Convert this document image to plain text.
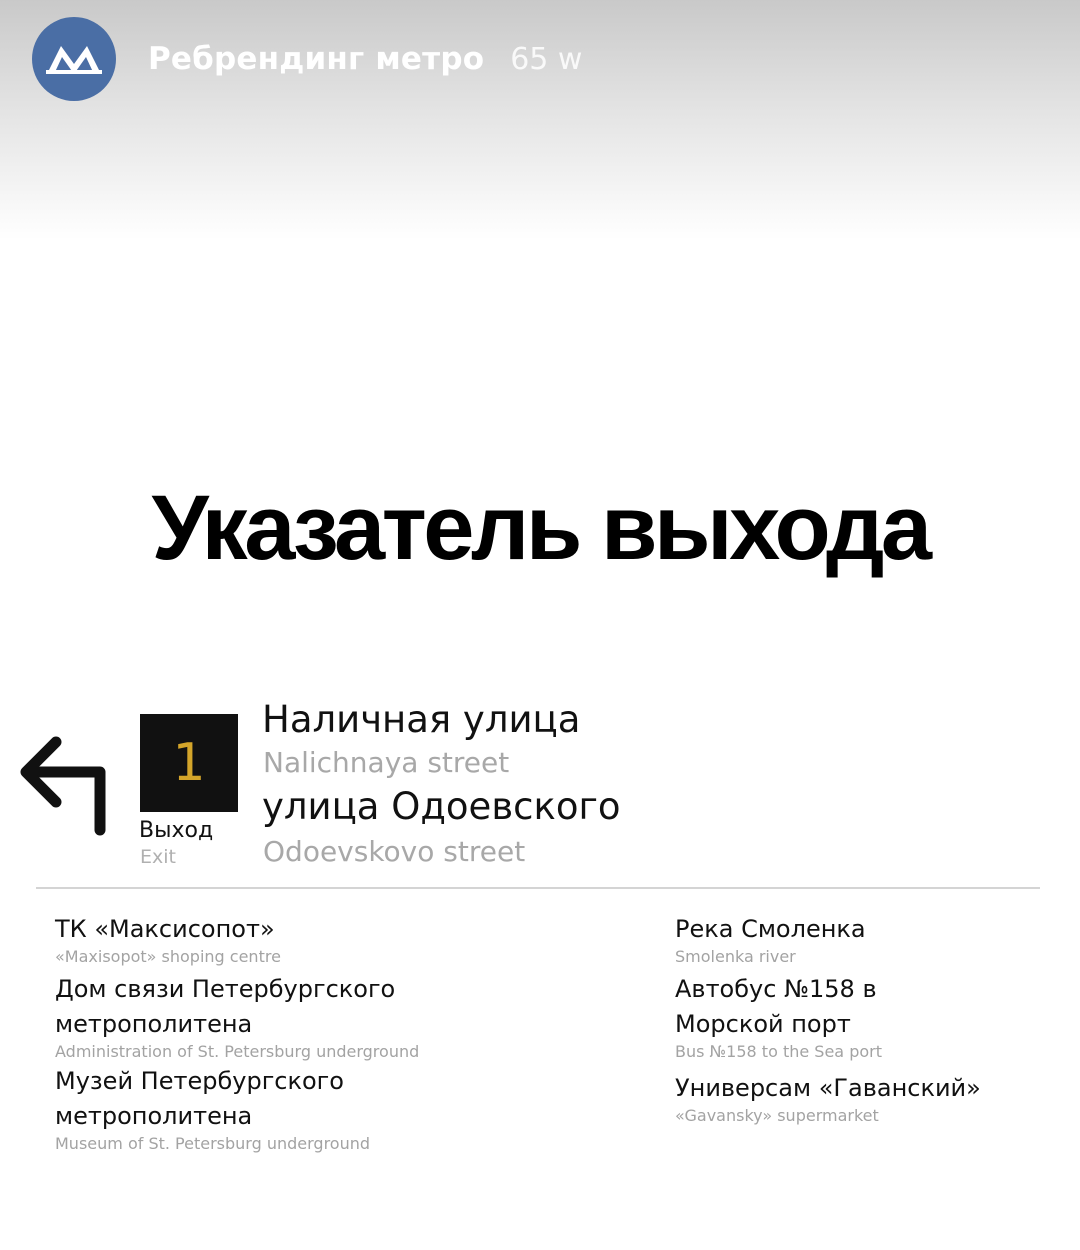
Ребрендинг метро 65 w
Указатель выхода
1
Выход
Exit
Наличная улица
Nalichnaya street
улица Одоевского
Odoevskovo street
ТК «Максисопот»
«Maxisopot» shoping centre
Дом связи Петербургского метрополитена
Administration of St. Petersburg underground
Музей Петербургского метрополитена
Museum of St. Petersburg underground
Река Смоленка
Smolenka river
Автобус №158 в Морской порт
Bus №158 to the Sea port
Универсам «Гаванский»
«Gavansky» supermarket
